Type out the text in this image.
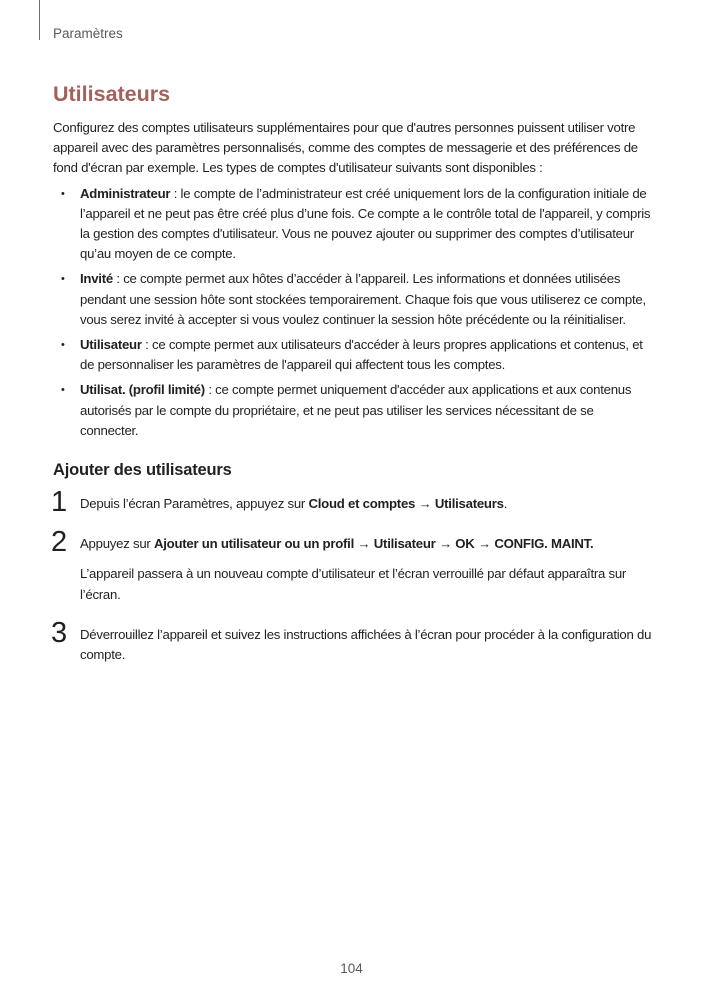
Paramètres
Utilisateurs

Configurez des comptes utilisateurs supplémentaires pour que d'autres personnes puissent utiliser votre appareil avec des paramètres personnalisés, comme des comptes de messagerie et des préférences de fond d'écran par exemple. Les types de comptes d'utilisateur suivants sont disponibles :

• Administrateur : le compte de l’administrateur est créé uniquement lors de la configuration initiale de l’appareil et ne peut pas être créé plus d’une fois. Ce compte a le contrôle total de l'appareil, y compris la gestion des comptes d'utilisateur. Vous ne pouvez ajouter ou supprimer des comptes d’utilisateur qu’au moyen de ce compte.
• Invité : ce compte permet aux hôtes d’accéder à l’appareil. Les informations et données utilisées pendant une session hôte sont stockées temporairement. Chaque fois que vous utiliserez ce compte, vous serez invité à accepter si vous voulez continuer la session hôte précédente ou la réinitialiser.
• Utilisateur : ce compte permet aux utilisateurs d'accéder à leurs propres applications et contenus, et de personnaliser les paramètres de l'appareil qui affectent tous les comptes.
• Utilisat. (profil limité) : ce compte permet uniquement d'accéder aux applications et aux contenus autorisés par le compte du propriétaire, et ne peut pas utiliser les services nécessitant de se connecter.
Ajouter des utilisateurs
1 Depuis l’écran Paramètres, appuyez sur Cloud et comptes → Utilisateurs.

2 Appuyez sur Ajouter un utilisateur ou un profil → Utilisateur → OK → CONFIG. MAINT.

L’appareil passera à un nouveau compte d’utilisateur et l’écran verrouillé par défaut apparaîtra sur l’écran.

3 Déverrouillez l’appareil et suivez les instructions affichées à l’écran pour procéder à la configuration du compte.

104
